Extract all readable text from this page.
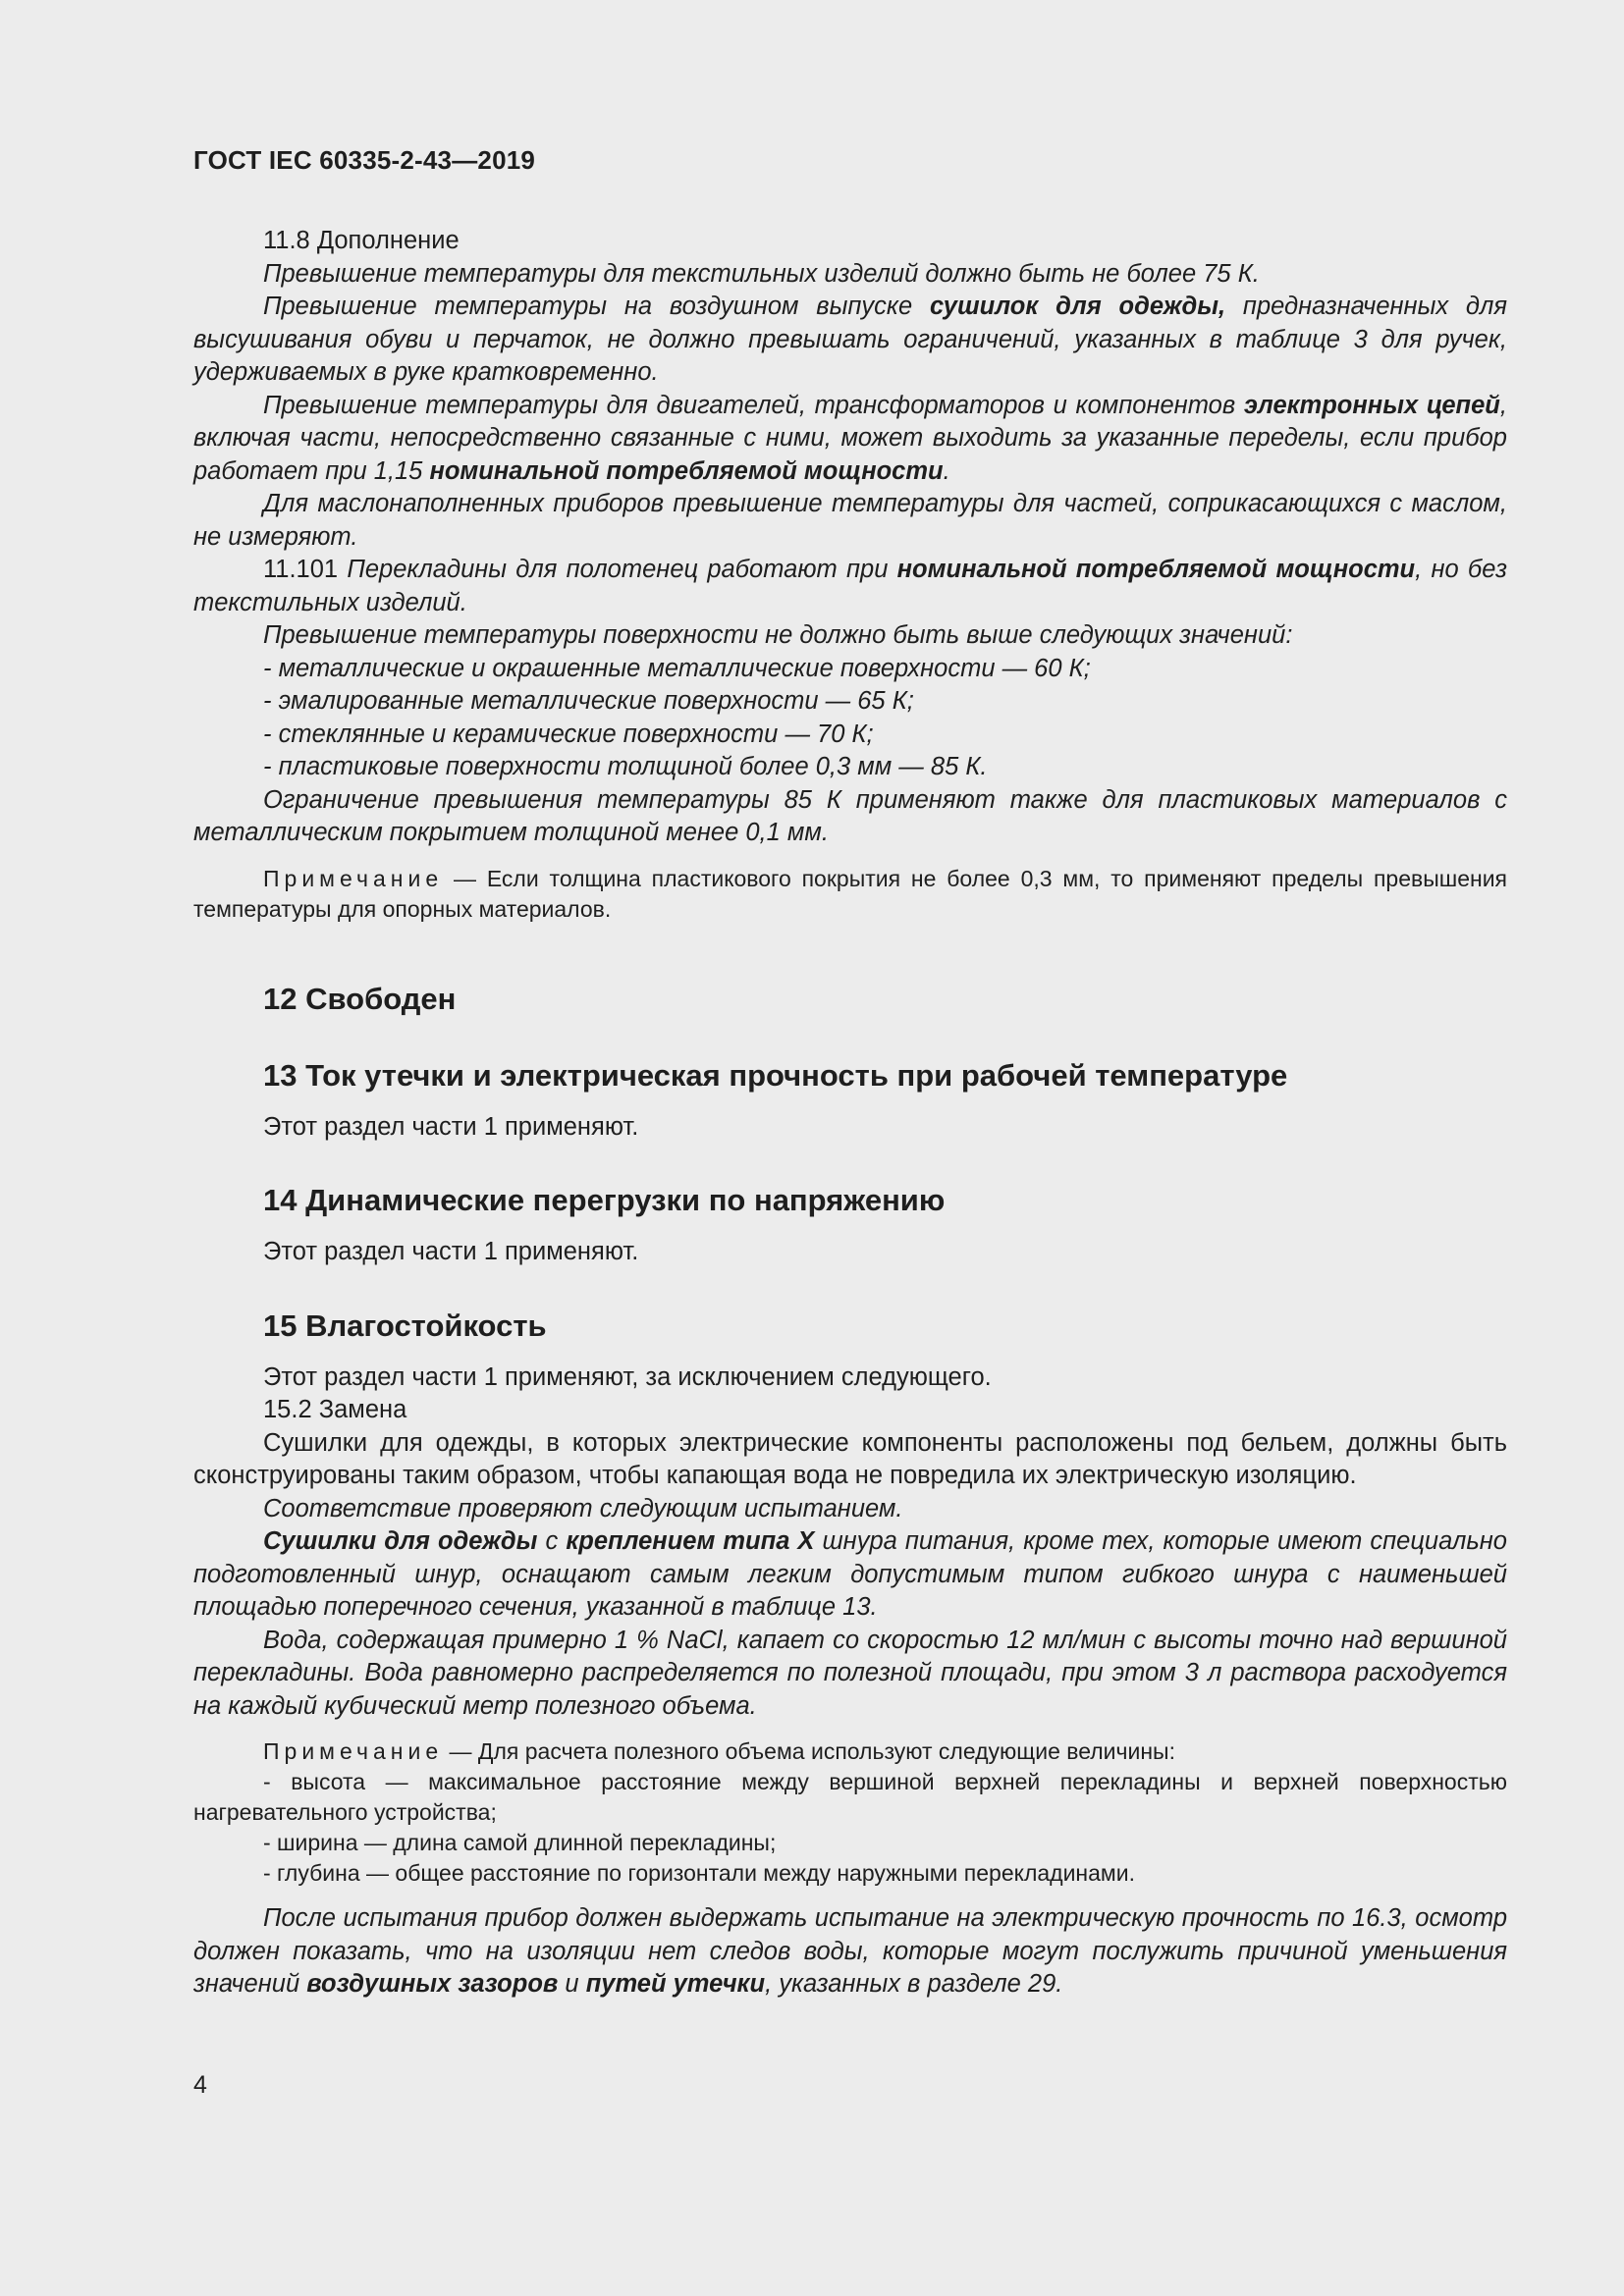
ГОСТ IEC 60335-2-43—2019

11.8 Дополнение

Превышение температуры для текстильных изделий должно быть не более 75 К.

Превышение температуры на воздушном выпуске сушилок для одежды, предназначенных для высушивания обуви и перчаток, не должно превышать ограничений, указанных в таблице 3 для ручек, удерживаемых в руке кратковременно.

Превышение температуры для двигателей, трансформаторов и компонентов электронных цепей, включая части, непосредственно связанные с ними, может выходить за указанные переделы, если прибор работает при 1,15 номинальной потребляемой мощности.

Для маслонаполненных приборов превышение температуры для частей, соприкасающихся с маслом, не измеряют.

11.101 Перекладины для полотенец работают при номинальной потребляемой мощности, но без текстильных изделий.

Превышение температуры поверхности не должно быть выше следующих значений:

- металлические и окрашенные металлические поверхности — 60 К;

- эмалированные металлические поверхности — 65 К;

- стеклянные и керамические поверхности — 70 К;

- пластиковые поверхности толщиной более 0,3 мм — 85 К.

Ограничение превышения температуры 85 К применяют также для пластиковых материалов с металлическим покрытием толщиной менее 0,1 мм.

Примечание — Если толщина пластикового покрытия не более 0,3 мм, то применяют пределы превышения температуры для опорных материалов.

12 Свободен

13 Ток утечки и электрическая прочность при рабочей температуре

Этот раздел части 1 применяют.

14 Динамические перегрузки по напряжению

Этот раздел части 1 применяют.

15 Влагостойкость

Этот раздел части 1 применяют, за исключением следующего.

15.2 Замена

Сушилки для одежды, в которых электрические компоненты расположены под бельем, должны быть сконструированы таким образом, чтобы капающая вода не повредила их электрическую изоляцию.

Соответствие проверяют следующим испытанием.

Сушилки для одежды с креплением типа X шнура питания, кроме тех, которые имеют специально подготовленный шнур, оснащают самым легким допустимым типом гибкого шнура с наименьшей площадью поперечного сечения, указанной в таблице 13.

Вода, содержащая примерно 1 % NaCl, капает со скоростью 12 мл/мин с высоты точно над вершиной перекладины. Вода равномерно распределяется по полезной площади, при этом 3 л раствора расходуется на каждый кубический метр полезного объема.

Примечание — Для расчета полезного объема используют следующие величины:

- высота — максимальное расстояние между вершиной верхней перекладины и верхней поверхностью нагревательного устройства;

- ширина — длина самой длинной перекладины;

- глубина — общее расстояние по горизонтали между наружными перекладинами.

После испытания прибор должен выдержать испытание на электрическую прочность по 16.3, осмотр должен показать, что на изоляции нет следов воды, которые могут послужить причиной уменьшения значений воздушных зазоров и путей утечки, указанных в разделе 29.

4
